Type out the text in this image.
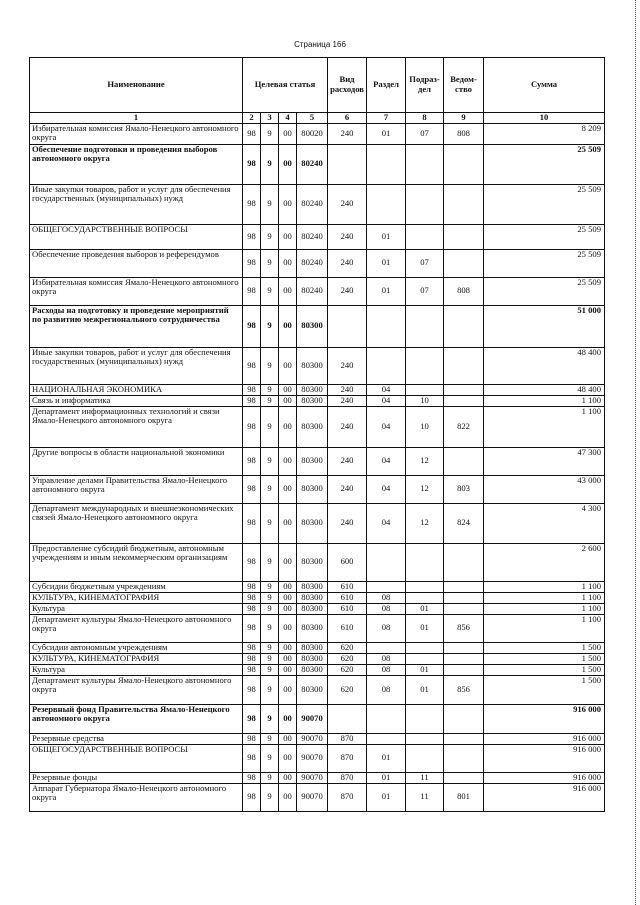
Страница 166
Наименование	Целевая статья				Вид расходов	Раздел	Подраз-дел	Ведом-ство	Сумма
1	2	3	4	5	6	7	8	9	10
Избирательная комиссия Ямало-Ненецкого автономного округа	98	9	00	80020	240	01	07	808	8 209
Обеспечение подготовки и проведения выборов автономного округа	98	9	00	80240					25 509
Иные закупки товаров, работ и услуг для обеспечения государственных (муниципальных) нужд	98	9	00	80240	240				25 509
ОБЩЕГОСУДАРСТВЕННЫЕ ВОПРОСЫ	98	9	00	80240	240	01			25 509
Обеспечение проведения выборов и референдумов	98	9	00	80240	240	01	07		25 509
Избирательная комиссия Ямало-Ненецкого автономного округа	98	9	00	80240	240	01	07	808	25 509
Расходы на подготовку и проведение мероприятий по развитию межрегионального сотрудничества	98	9	00	80300					51 000
Иные закупки товаров, работ и услуг для обеспечения государственных (муниципальных) нужд	98	9	00	80300	240				48 400
НАЦИОНАЛЬНАЯ ЭКОНОМИКА	98	9	00	80300	240	04			48 400
Связь и информатика	98	9	00	80300	240	04	10		1 100
Департамент информационных технологий и связи Ямало-Ненецкого автономного округа	98	9	00	80300	240	04	10	822	1 100
Другие вопросы в области национальной экономики	98	9	00	80300	240	04	12		47 300
Управление делами Правительства Ямало-Ненецкого автономного округа	98	9	00	80300	240	04	12	803	43 000
Департамент международных и внешнеэкономических связей Ямало-Ненецкого автономного округа	98	9	00	80300	240	04	12	824	4 300
Предоставление субсидий бюджетным, автономным учреждениям и иным некоммерческим организациям	98	9	00	80300	600				2 600
Субсидии бюджетным учреждениям	98	9	00	80300	610				1 100
КУЛЬТУРА, КИНЕМАТОГРАФИЯ	98	9	00	80300	610	08			1 100
Культура	98	9	00	80300	610	08	01		1 100
Департамент культуры Ямало-Ненецкого автономного округа	98	9	00	80300	610	08	01	856	1 100
Субсидии автономным учреждениям	98	9	00	80300	620				1 500
КУЛЬТУРА, КИНЕМАТОГРАФИЯ	98	9	00	80300	620	08			1 500
Культура	98	9	00	80300	620	08	01		1 500
Департамент культуры Ямало-Ненецкого автономного округа	98	9	00	80300	620	08	01	856	1 500
Резервный фонд Правительства Ямало-Ненецкого автономного округа	98	9	00	90070					916 000
Резервные средства	98	9	00	90070	870				916 000
ОБЩЕГОСУДАРСТВЕННЫЕ ВОПРОСЫ	98	9	00	90070	870	01			916 000
Резервные фонды	98	9	00	90070	870	01	11		916 000
Аппарат Губернатора Ямало-Ненецкого автономного округа	98	9	00	90070	870	01	11	801	916 000
